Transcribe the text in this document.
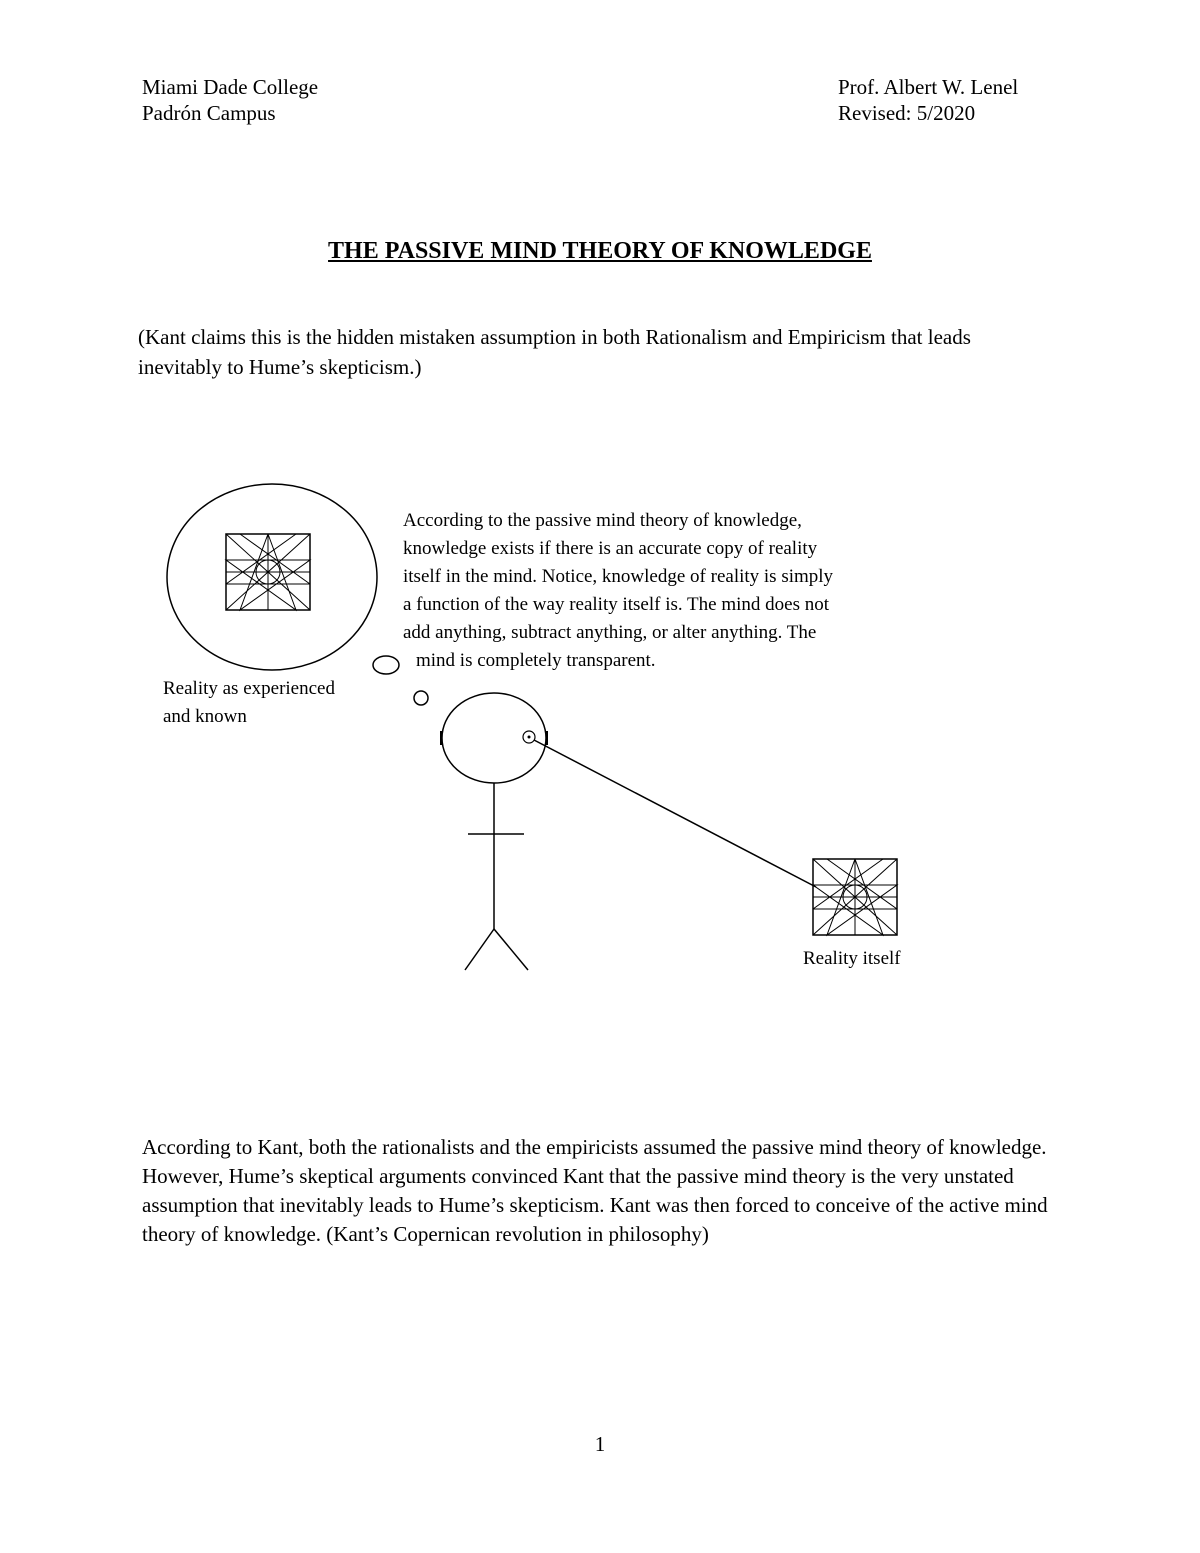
Miami Dade College
Padrón Campus
Prof. Albert W. Lenel
Revised: 5/2020
THE PASSIVE MIND THEORY OF KNOWLEDGE
(Kant claims this is the hidden mistaken assumption in both Rationalism and Empiricism that leads inevitably to Hume’s skepticism.)
According to the passive mind theory of knowledge,
knowledge exists if there is an accurate copy of reality
itself in the mind. Notice, knowledge of reality is simply
a function of the way reality itself is. The mind does not
add anything, subtract anything, or alter anything. The
mind is completely transparent.
Reality as experienced
and known
Reality itself
According to Kant, both the rationalists and the empiricists assumed the passive mind theory of knowledge. However, Hume’s skeptical arguments convinced Kant that the passive mind theory is the very unstated assumption that inevitably leads to Hume’s skepticism. Kant was then forced to conceive of the active mind theory of knowledge. (Kant’s Copernican revolution in philosophy)
1
